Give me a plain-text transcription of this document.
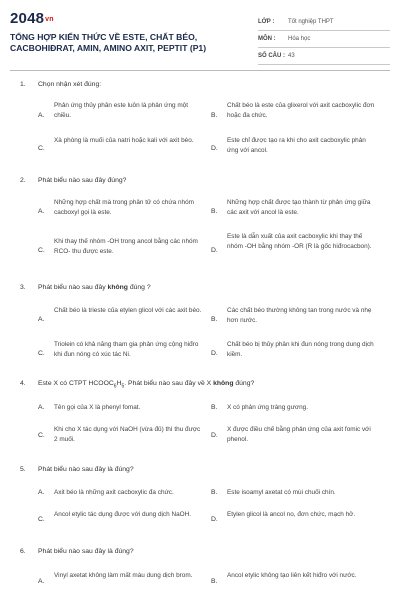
2048vn
TỔNG HỢP KIẾN THỨC VỀ ESTE, CHẤT BÉO, CACBOHIĐRAT, AMIN, AMINO AXIT, PEPTIT (P1)
LỚP :	Tốt nghiệp THPT
MÔN :	Hóa học
SỐ CÂU : 43
1. Chọn nhận xét đúng:
A.
Phản ứng thủy phân este luôn là phản ứng một chiều.	B.
Chất béo là este của glixerol với axit cacboxylic đơn hoặc đa chức.
C.
Xà phòng là muối của natri hoặc kali với axit béo.
D.
Este chỉ được tạo ra khi cho axit cacboxylic phản ứng với ancol.
2. Phát biểu nào sau đây đúng?
A.
Những hợp chất mà trong phân tử có chứa nhóm cacboxyl gọi là este.	B.
Những hợp chất được tạo thành từ phản ứng giữa các axit với ancol là este.
C.
Khi thay thế nhóm -OH trong ancol bằng các nhóm RCO- thu được este.	D.
Este là dẫn xuất của axit cacboxylic khi thay thế nhóm -OH bằng nhóm -OR (R là gốc hiđrocacbon).
3. Phát biểu nào sau đây không đúng ?
A.
Chất béo là trieste của etylen glicol với các axit béo.
B.
Các chất béo thường không tan trong nước và nhẹ hơn nước.
C.
Triolein có khả năng tham gia phản ứng cộng hiđro khi đun nóng có xúc tác Ni.	D.
Chất béo bị thủy phân khi đun nóng trong dung dịch kiềm.
4. Este X có CTPT $HCOOC_6H_5$. Phát biểu nào sau đây về X không đúng?
A. Tên gọi của X là phenyl fomat.	B. X có phản ứng tráng gương.
C.
Khi cho X tác dụng với NaOH (vừa đủ) thì thu được 2 muối.
D.
X được điều chế bằng phản ứng của axit fomic với phenol.
5. Phát biểu nào sau đây là đúng?
A. Axit béo là những axit cacboxylic đa chức.	B. Este isoamyl axetat có mùi chuối chín.
C.
Ancol etylic tác dụng được với dung dịch NaOH.
D.
Etylen glicol là ancol no, đơn chức, mạch hở.
6. Phát biểu nào sau đây là đúng?
A.
Vinyl axetat không làm mất màu dung dịch brom.
B.
Ancol etylic không tạo liên kết hiđro với nước.
